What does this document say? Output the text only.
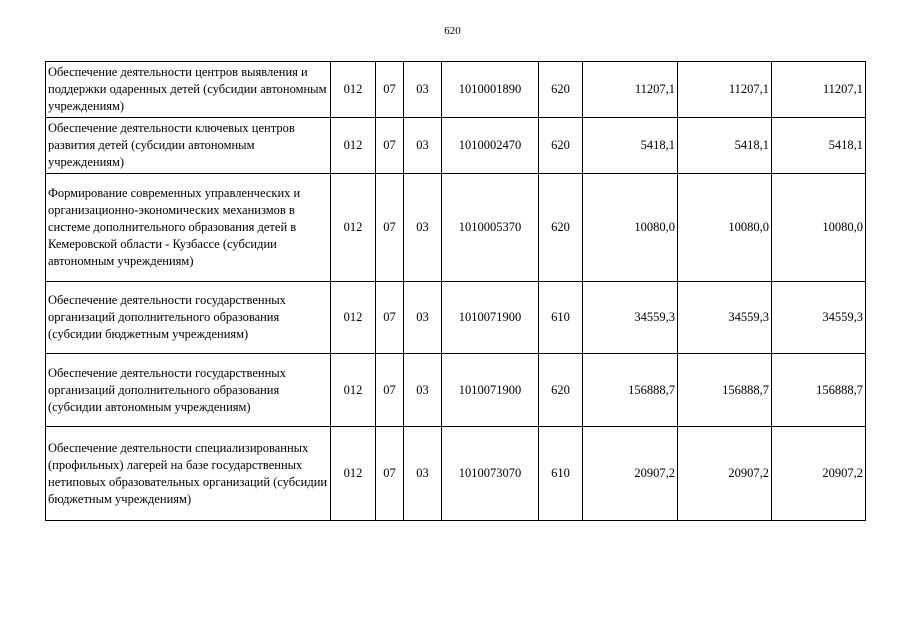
620
Обеспечение деятельности центров выявления и поддержки одаренных детей (субсидии автономным учреждениям)	012	07	03	1010001890	620	11207,1	11207,1	11207,1
Обеспечение деятельности ключевых центров развития детей (субсидии автономным учреждениям)	012	07	03	1010002470	620	5418,1	5418,1	5418,1
Формирование современных управленческих и организационно-экономических механизмов в системе дополнительного образования детей в Кемеровской области - Кузбассе (субсидии автономным учреждениям)	012	07	03	1010005370	620	10080,0	10080,0	10080,0
Обеспечение деятельности государственных организаций дополнительного образования (субсидии бюджетным учреждениям)	012	07	03	1010071900	610	34559,3	34559,3	34559,3
Обеспечение деятельности государственных организаций дополнительного образования (субсидии автономным учреждениям)	012	07	03	1010071900	620	156888,7	156888,7	156888,7
Обеспечение деятельности специализированных (профильных) лагерей на базе государственных нетиповых образовательных организаций (субсидии бюджетным учреждениям)	012	07	03	1010073070	610	20907,2	20907,2	20907,2
